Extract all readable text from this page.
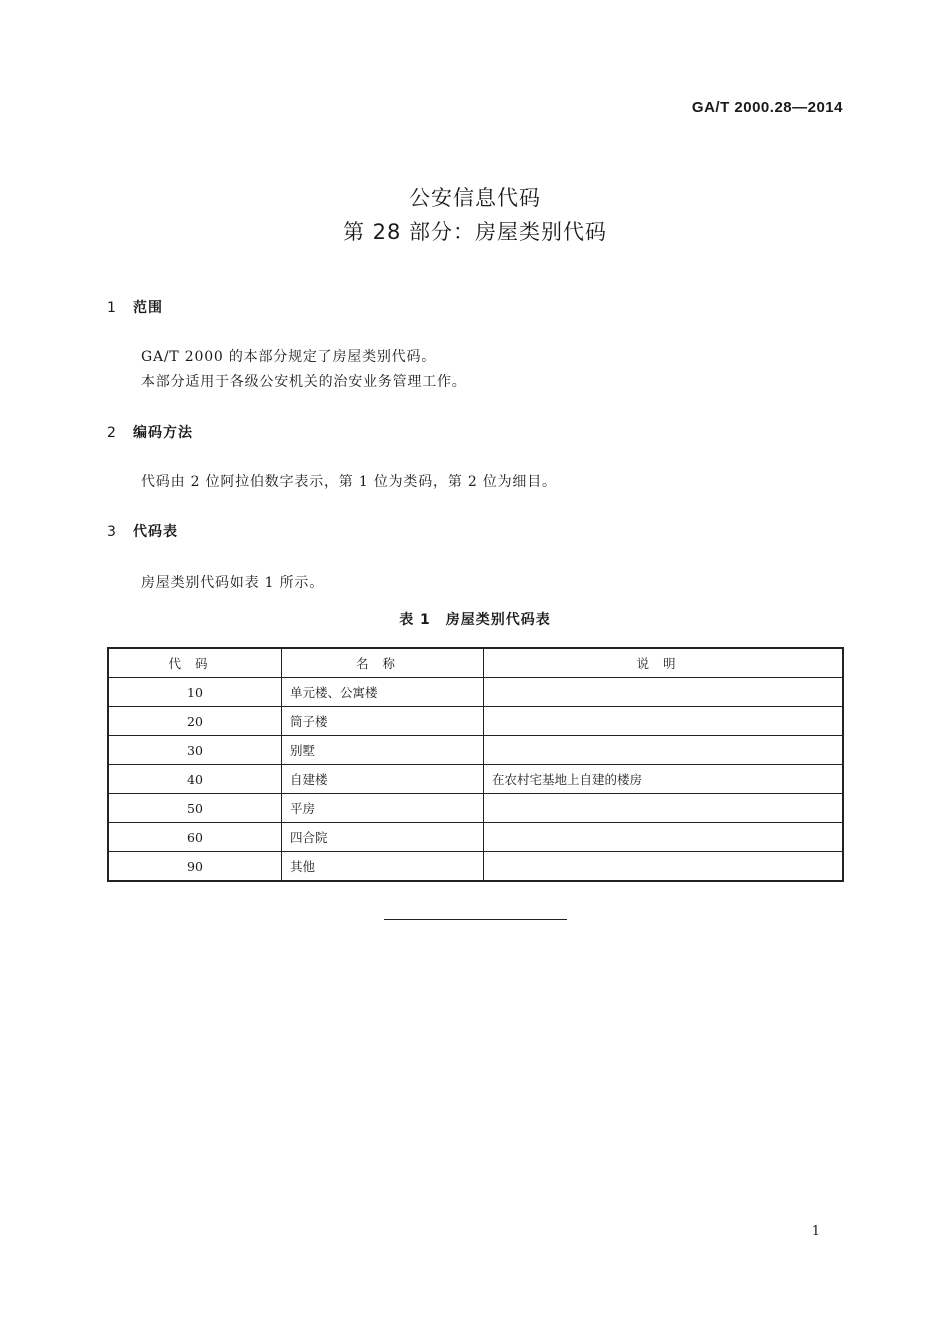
GA/T 2000.28—2014
公安信息代码
第 28 部分：房屋类别代码
1 范围
GA/T 2000 的本部分规定了房屋类别代码。
本部分适用于各级公安机关的治安业务管理工作。
2 编码方法
代码由 2 位阿拉伯数字表示，第 1 位为类码，第 2 位为细目。
3 代码表
房屋类别代码如表 1 所示。
表 1　房屋类别代码表
代码	名称	说明
10	单元楼、公寓楼	
20	筒子楼	
30	别墅	
40	自建楼	在农村宅基地上自建的楼房
50	平房	
60	四合院	
90	其他	
1
